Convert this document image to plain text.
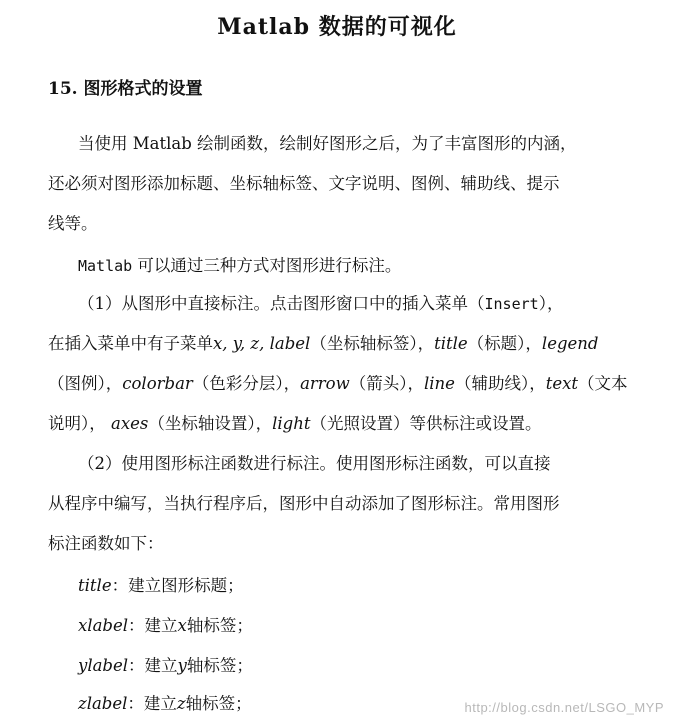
Matlab 数据的可视化
15. 图形格式的设置
当使用 Matlab 绘制函数，绘制好图形之后，为了丰富图形的内涵，
还必须对图形添加标题、坐标轴标签、文字说明、图例、辅助线、提示
线等。
Matlab 可以通过三种方式对图形进行标注。
（1）从图形中直接标注。点击图形窗口中的插入菜单（Insert），
在插入菜单中有子菜单x, y, z, label（坐标轴标签），title（标题），legend
（图例），colorbar（色彩分层），arrow（箭头），line（辅助线），text（文本
说明）， axes（坐标轴设置），light（光照设置）等供标注或设置。
（2）使用图形标注函数进行标注。使用图形标注函数，可以直接
从程序中编写，当执行程序后，图形中自动添加了图形标注。常用图形
标注函数如下：
title：建立图形标题；
xlabel：建立x轴标签；
ylabel：建立y轴标签；
zlabel：建立z轴标签；	http://blog.csdn.net/LSGO_MYP
